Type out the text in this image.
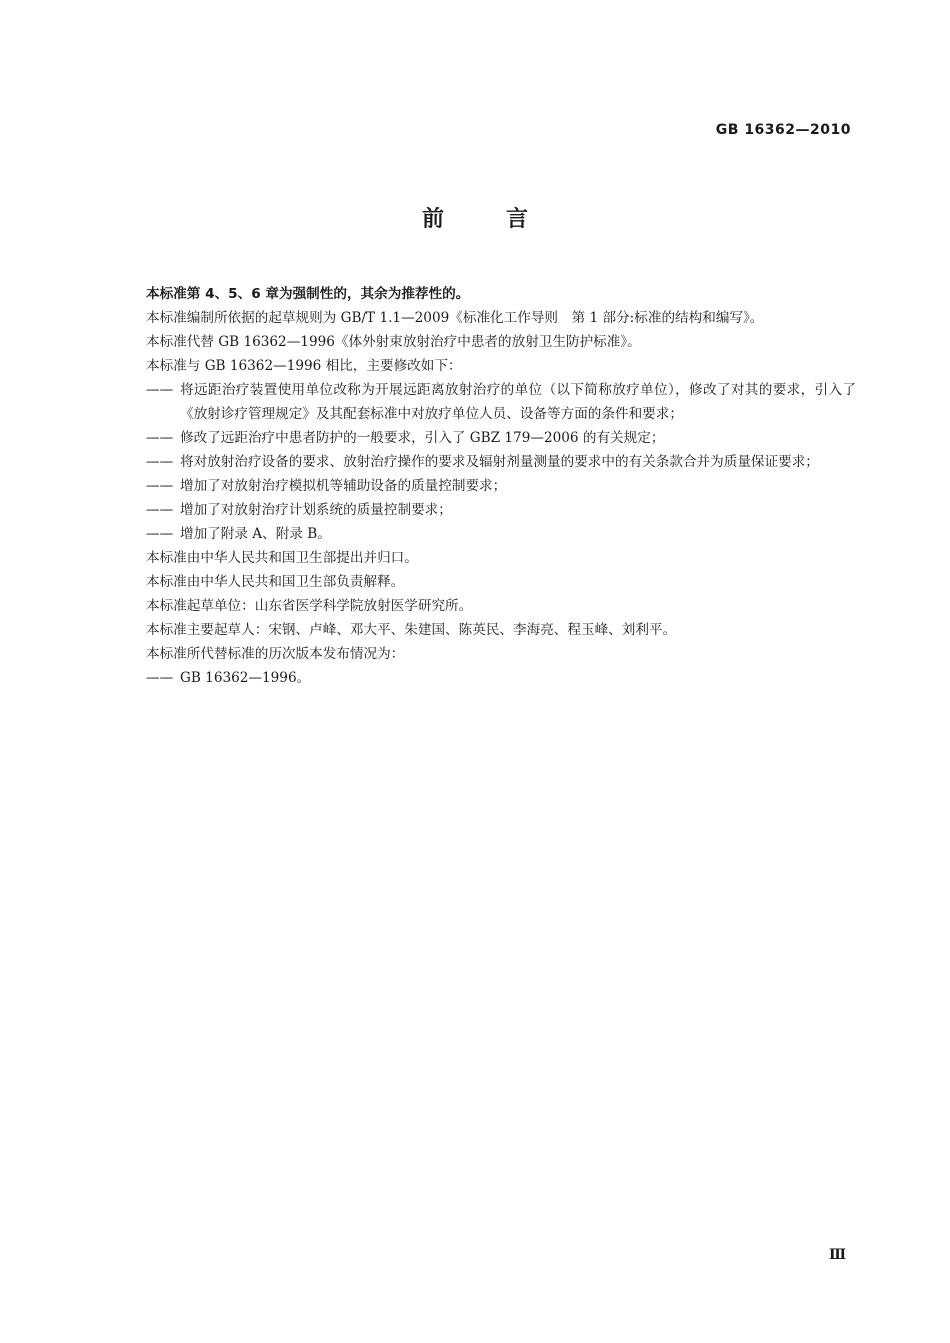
GB 16362—2010
前言

本标准第 4、5、6 章为强制性的，其余为推荐性的。

本标准编制所依据的起草规则为 GB/T 1.1—2009《标准化工作导则　第 1 部分:标准的结构和编写》。

本标准代替 GB 16362—1996《体外射束放射治疗中患者的放射卫生防护标准》。

本标准与 GB 16362—1996 相比，主要修改如下：

—— 将远距治疗装置使用单位改称为开展远距离放射治疗的单位（以下简称放疗单位），修改了对其的要求，引入了《放射诊疗管理规定》及其配套标准中对放疗单位人员、设备等方面的条件和要求；
—— 修改了远距治疗中患者防护的一般要求，引入了 GBZ 179—2006 的有关规定；
—— 将对放射治疗设备的要求、放射治疗操作的要求及辐射剂量测量的要求中的有关条款合并为质量保证要求；
—— 增加了对放射治疗模拟机等辅助设备的质量控制要求；
—— 增加了对放射治疗计划系统的质量控制要求；
—— 增加了附录 A、附录 B。

本标准由中华人民共和国卫生部提出并归口。

本标准由中华人民共和国卫生部负责解释。

本标准起草单位：山东省医学科学院放射医学研究所。

本标准主要起草人：宋钢、卢峰、邓大平、朱建国、陈英民、李海亮、程玉峰、刘利平。

本标准所代替标准的历次版本发布情况为：

—— GB 16362—1996。
Ⅲ
